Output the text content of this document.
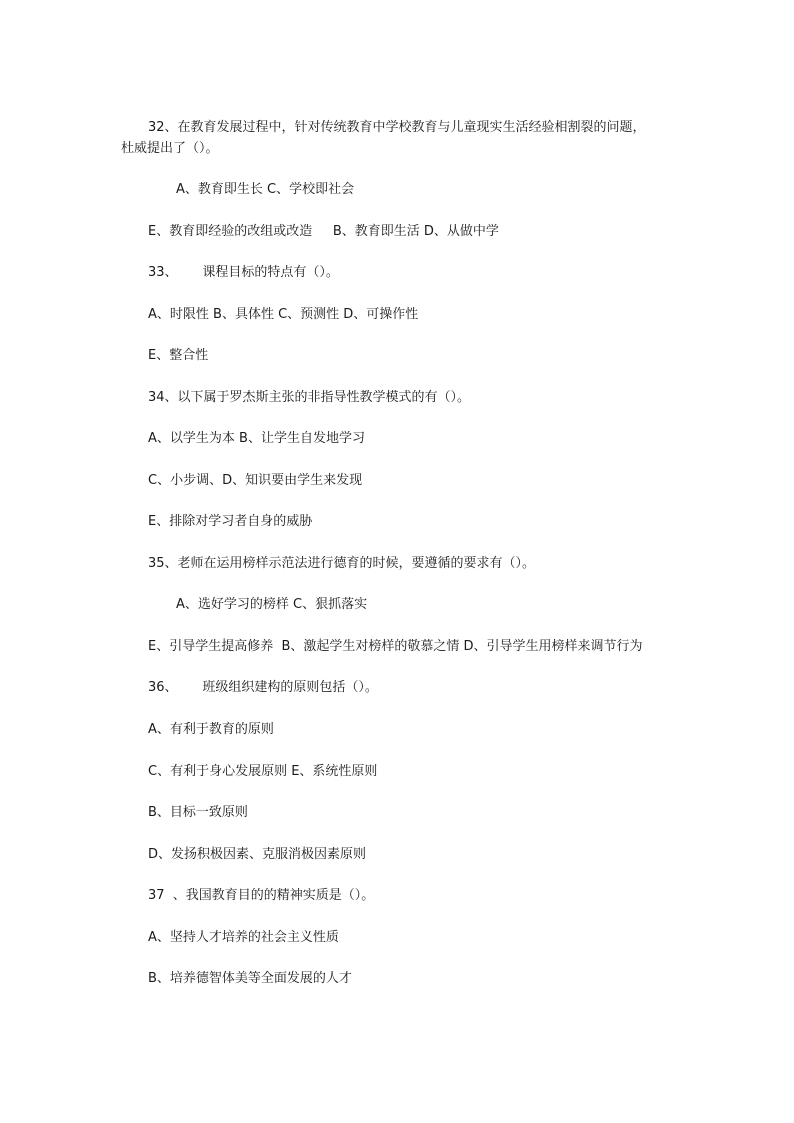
32、在教育发展过程中，针对传统教育中学校教育与儿童现实生活经验相割裂的问题，
杜威提出了（）。
A、教育即生长 C、学校即社会
E、教育即经验的改组或改造     B、教育即生活 D、从做中学
33、      课程目标的特点有（）。
A、时限性 B、具体性 C、预测性 D、可操作性
E、整合性
34、以下属于罗杰斯主张的非指导性教学模式的有（）。
A、以学生为本 B、让学生自发地学习
C、小步调、D、知识要由学生来发现
E、排除对学习者自身的威胁
35、老师在运用榜样示范法进行德育的时候，要遵循的要求有（）。
A、选好学习的榜样 C、狠抓落实
E、引导学生提高修养  B、激起学生对榜样的敬慕之情 D、引导学生用榜样来调节行为
36、      班级组织建构的原则包括（）。
A、有利于教育的原则
C、有利于身心发展原则 E、系统性原则
B、目标一致原则
D、发扬积极因素、克服消极因素原则
37  、我国教育目的的精神实质是（）。
A、坚持人才培养的社会主义性质
B、培养德智体美等全面发展的人才
